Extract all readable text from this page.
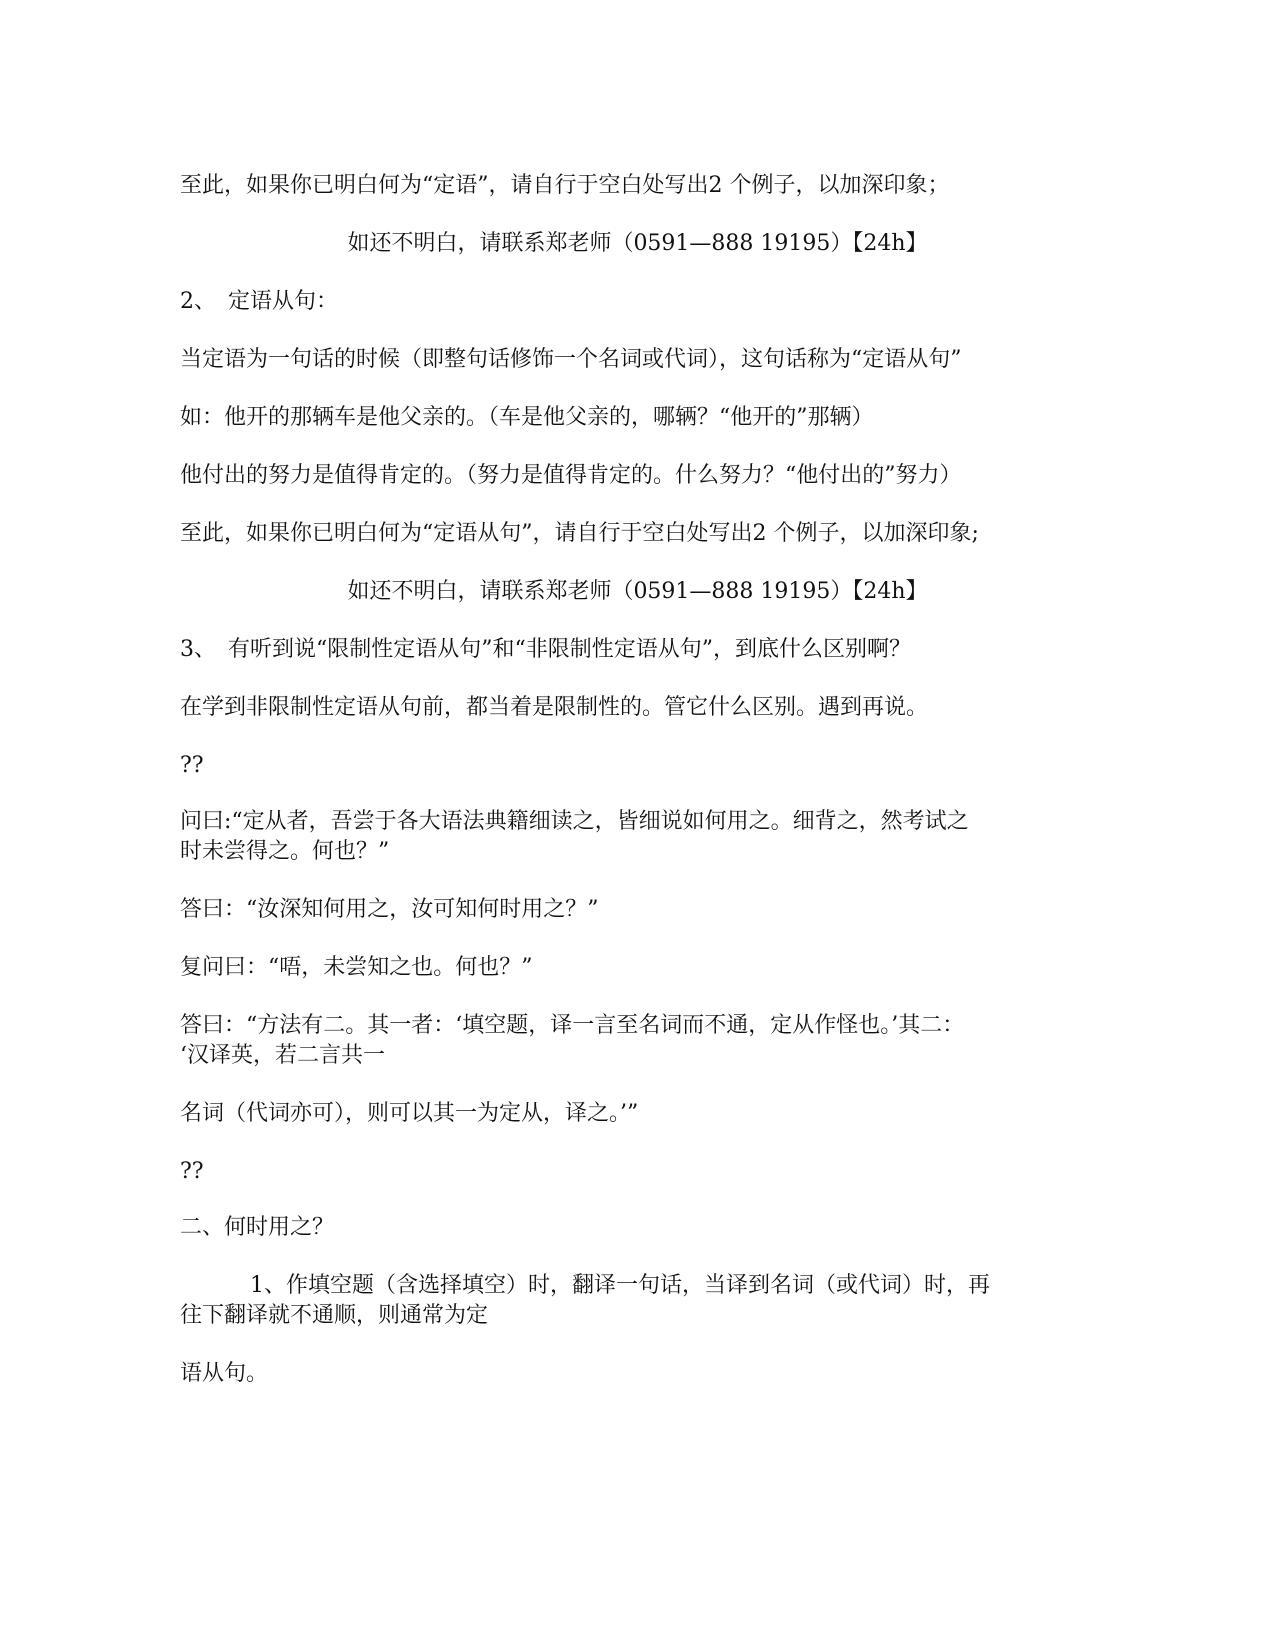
至此，如果你已明白何为“定语”，请自行于空白处写出2 个例子，以加深印象；

如还不明白，请联系郑老师（0591—888 19195）【24h】

2、 定语从句：

当定语为一句话的时候（即整句话修饰一个名词或代词），这句话称为“定语从句”

如：他开的那辆车是他父亲的。（车是他父亲的，哪辆？“他开的”那辆）

他付出的努力是值得肯定的。（努力是值得肯定的。什么努力？“他付出的”努力）

至此，如果你已明白何为“定语从句”，请自行于空白处写出2 个例子，以加深印象;

如还不明白，请联系郑老师（0591—888 19195）【24h】

3、 有听到说“限制性定语从句”和“非限制性定语从句”，到底什么区别啊？

在学到非限制性定语从句前，都当着是限制性的。管它什么区别。遇到再说。

??

问曰:“定从者，吾尝于各大语法典籍细读之，皆细说如何用之。细背之，然考试之

时未尝得之。何也？”

答曰：“汝深知何用之，汝可知何时用之？”

复问曰：“唔，未尝知之也。何也？”

答曰：“方法有二。其一者：‘填空题，译一言至名词而不通，定从作怪也。’其二：

‘汉译英，若二言共一

名词（代词亦可），则可以其一为定从，译之。’”

??

二、何时用之？

1、作填空题（含选择填空）时，翻译一句话，当译到名词（或代词）时，再

往下翻译就不通顺，则通常为定

语从句。
